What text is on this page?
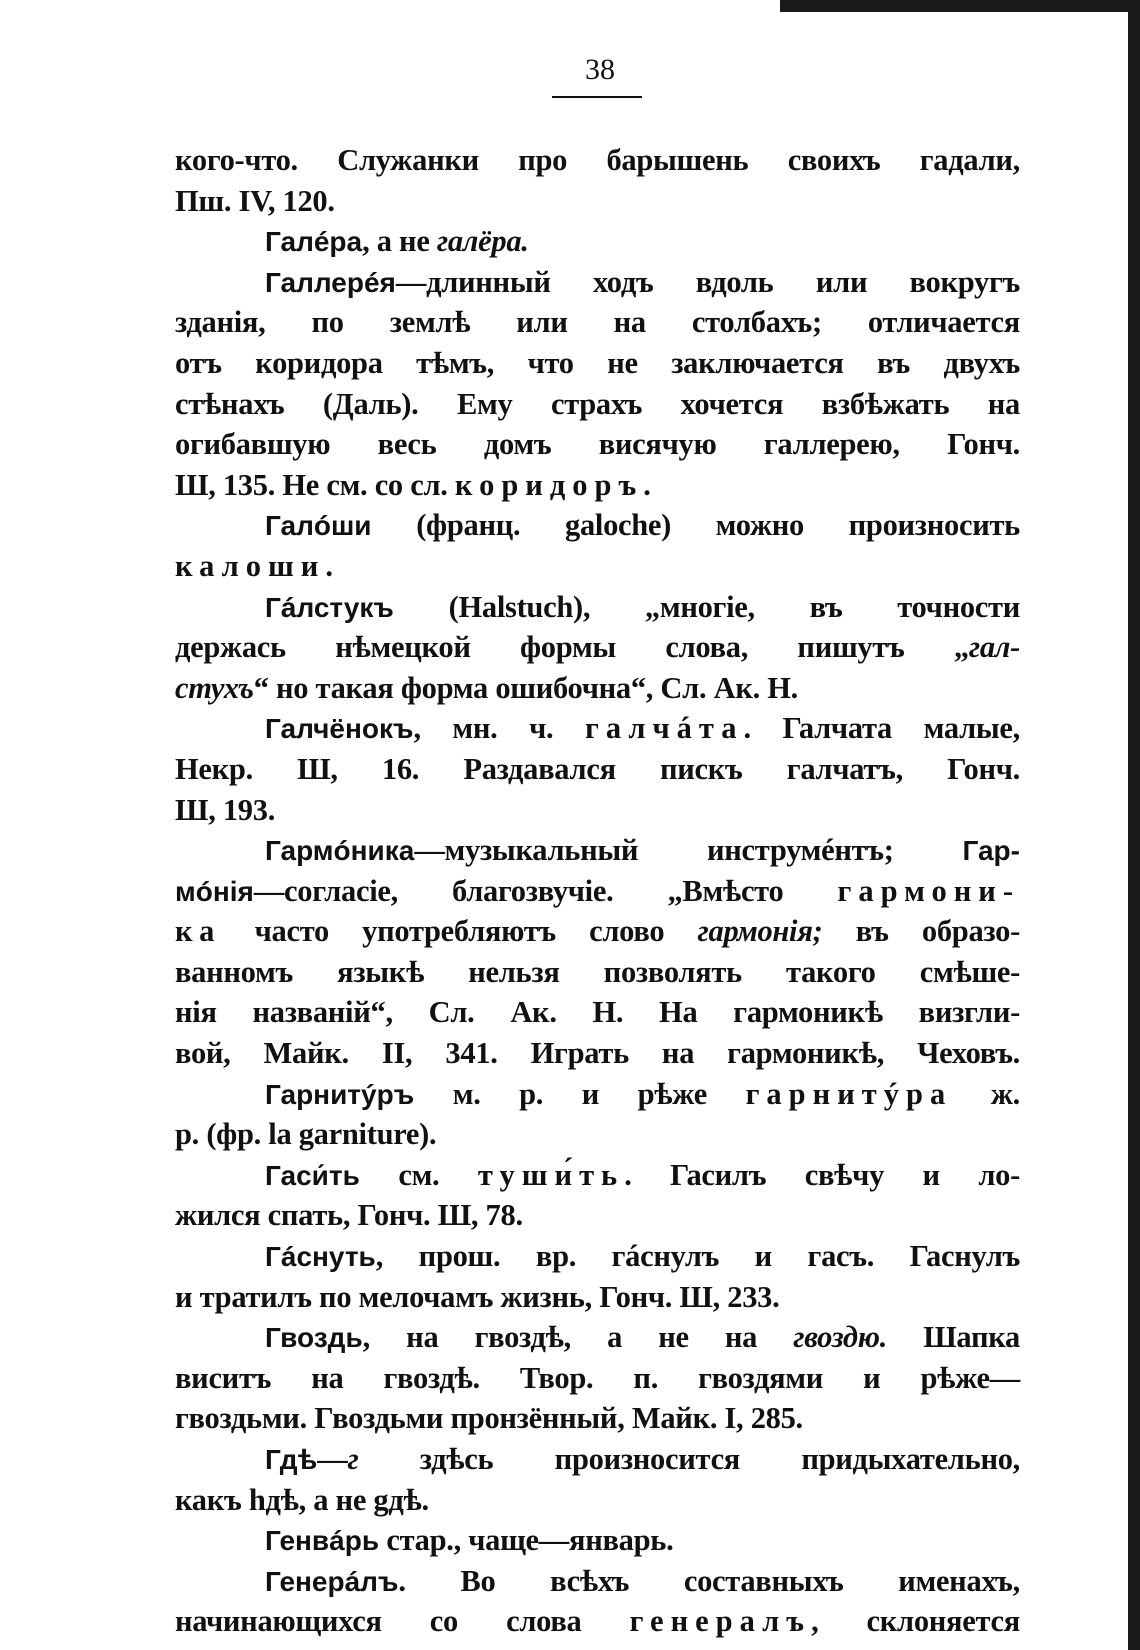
38
кого-что. Служанки про барышень своихъ гадали,
Пш. IV, 120.
Галéра, а не галёра.
Галлерéя—длинный ходъ вдоль или вокругъ
зданія, по землѣ или на столбахъ; отличается
отъ коридора тѣмъ, что не заключается въ двухъ
стѣнахъ (Даль). Ему страхъ хочется взбѣжать на
огибавшую весь домъ висячую галлерею, Гонч.
Ш, 135. Не см. со сл. коридоръ.
Галóши (франц. galoche) можно произносить
калоши.
Гáлстукъ (Halstuch), „многіе, въ точности
держась нѣмецкой формы слова, пишутъ „гал-
стухъ“ но такая форма ошибочна“, Сл. Ак. Н.
Галчёнокъ, мн. ч. галчáта. Галчата малые,
Некр. Ш, 16. Раздавался пискъ галчатъ, Гонч.
Ш, 193.
Гармóника—музыкальный инструмéнтъ; Гар-
мóнія—согласіе, благозвучіе. „Вмѣсто гармони-
ка часто употребляютъ слово гармонія; въ образо-
ванномъ языкѣ нельзя позволять такого смѣше-
нія названій“, Сл. Ак. Н. На гармоникѣ визгли-
вой, Майк. II, 341. Играть на гармоникѣ, Чеховъ.
Гарнитýръ м. р. и рѣже гарнитýра ж.
р. (фр. la garniture).
Гаси́ть см. туши́ть. Гасилъ свѣчу и ло-
жился спать, Гонч. Ш, 78.
Гáснуть, прош. вр. гáснулъ и гасъ. Гаснулъ
и тратилъ по мелочамъ жизнь, Гонч. Ш, 233.
Гвоздь, на гвоздѣ, а не на гвоздю. Шапка
виситъ на гвоздѣ. Твор. п. гвоздями и рѣже—
гвоздьми. Гвоздьми пронзённый, Майк. I, 285.
Гдѣ—г здѣсь произносится придыхательно,
какъ hдѣ, а не gдѣ.
Генвáрь стар., чаще—январь.
Генерáлъ. Во всѣхъ составныхъ именахъ,
начинающихся со слова генералъ, склоняется
